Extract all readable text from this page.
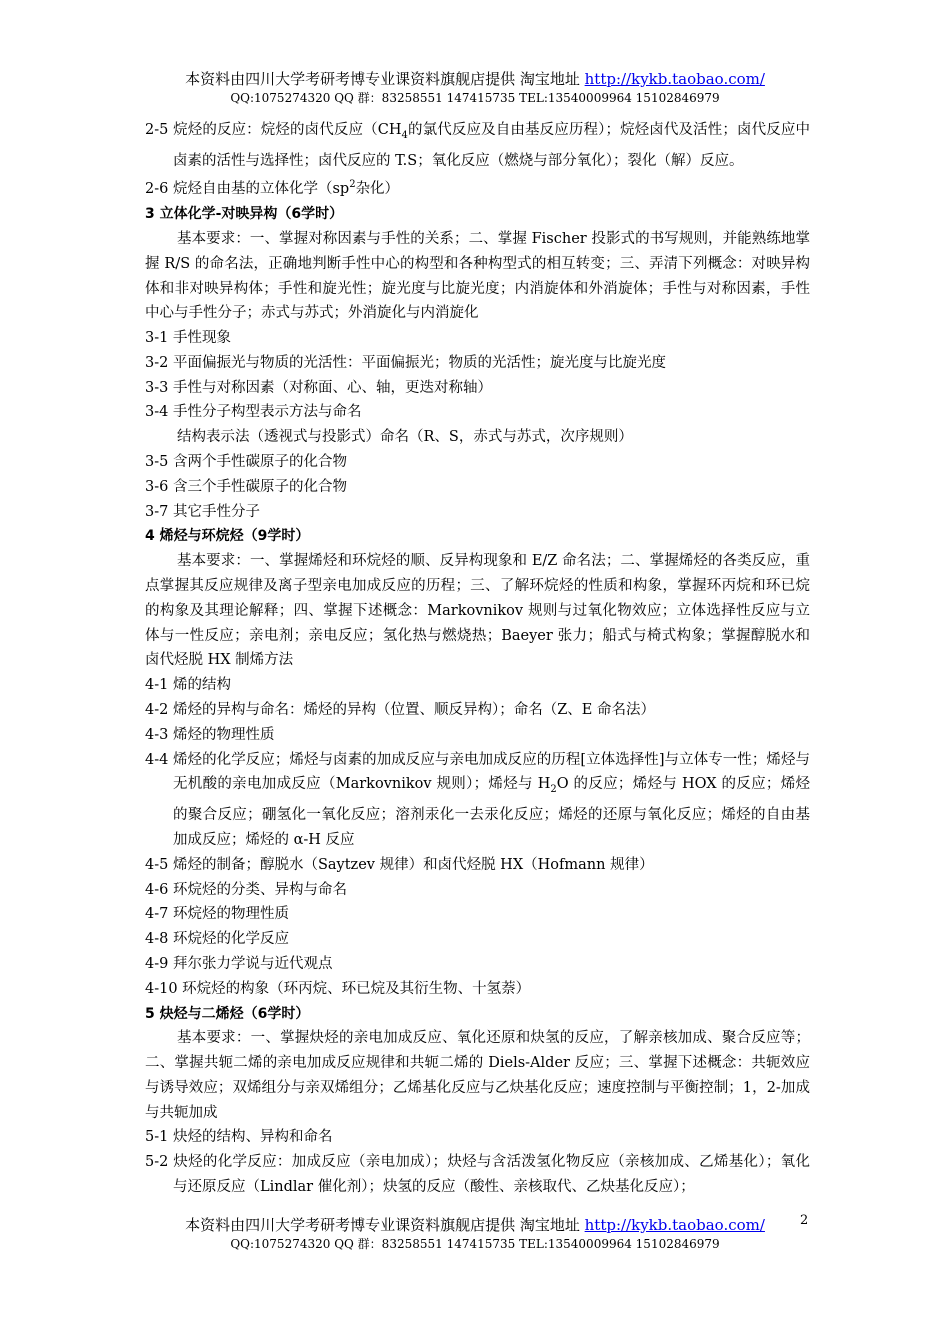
本资料由四川大学考研考博专业课资料旗舰店提供 淘宝地址 http://kykb.taobao.com/
QQ:1075274320 QQ 群：83258551 147415735 TEL:13540009964 15102846979

2-5 烷烃的反应：烷烃的卤代反应（$CH_4$的氯代反应及自由基反应历程）；烷烃卤代及活性；卤代反应中卤素的活性与选择性；卤代反应的 T.S；氧化反应（燃烧与部分氧化）；裂化（解）反应。

2-6 烷烃自由基的立体化学（$sp^2$杂化）

3 立体化学-对映异构（6学时）

基本要求：一、掌握对称因素与手性的关系；二、掌握 Fischer 投影式的书写规则，并能熟练地掌握 R/S 的命名法，正确地判断手性中心的构型和各种构型式的相互转变；三、弄清下列概念：对映异构体和非对映异构体；手性和旋光性；旋光度与比旋光度；内消旋体和外消旋体；手性与对称因素，手性中心与手性分子；赤式与苏式；外消旋化与内消旋化

3-1 手性现象

3-2 平面偏振光与物质的光活性：平面偏振光；物质的光活性；旋光度与比旋光度

3-3 手性与对称因素（对称面、心、轴，更迭对称轴）

3-4 手性分子构型表示方法与命名

结构表示法（透视式与投影式）命名（R、S，赤式与苏式，次序规则）

3-5 含两个手性碳原子的化合物

3-6 含三个手性碳原子的化合物

3-7 其它手性分子

4 烯烃与环烷烃（9学时）

基本要求：一、掌握烯烃和环烷烃的顺、反异构现象和 E/Z 命名法；二、掌握烯烃的各类反应，重点掌握其反应规律及离子型亲电加成反应的历程；三、了解环烷烃的性质和构象，掌握环丙烷和环已烷的构象及其理论解释；四、掌握下述概念：Markovnikov 规则与过氧化物效应；立体选择性反应与立体与一性反应；亲电剂；亲电反应；氢化热与燃烧热；Baeyer 张力；船式与椅式构象；掌握醇脱水和卤代烃脱 HX 制烯方法

4-1 烯的结构

4-2 烯烃的异构与命名：烯烃的异构（位置、顺反异构）；命名（Z、E 命名法）

4-3 烯烃的物理性质

4-4 烯烃的化学反应；烯烃与卤素的加成反应与亲电加成反应的历程[立体选择性]与立体专一性；烯烃与无机酸的亲电加成反应（Markovnikov 规则）；烯烃与 $H_2O$ 的反应；烯烃与 HOX 的反应；烯烃的聚合反应；硼氢化一氧化反应；溶剂汞化一去汞化反应；烯烃的还原与氧化反应；烯烃的自由基加成反应；烯烃的 α-H 反应

4-5 烯烃的制备；醇脱水（Saytzev 规律）和卤代烃脱 HX（Hofmann 规律）

4-6 环烷烃的分类、异构与命名

4-7 环烷烃的物理性质

4-8 环烷烃的化学反应

4-9 拜尔张力学说与近代观点

4-10 环烷烃的构象（环丙烷、环已烷及其衍生物、十氢萘）

5 炔烃与二烯烃（6学时）

基本要求：一、掌握炔烃的亲电加成反应、氧化还原和炔氢的反应，了解亲核加成、聚合反应等；二、掌握共轭二烯的亲电加成反应规律和共轭二烯的 Diels-Alder 反应；三、掌握下述概念：共轭效应与诱导效应；双烯组分与亲双烯组分；乙烯基化反应与乙炔基化反应；速度控制与平衡控制；1，2-加成与共轭加成

5-1 炔烃的结构、异构和命名

5-2 炔烃的化学反应：加成反应（亲电加成）；炔烃与含活泼氢化物反应（亲核加成、乙烯基化）；氧化与还原反应（Lindlar 催化剂）；炔氢的反应（酸性、亲核取代、乙炔基化反应）；

本资料由四川大学考研考博专业课资料旗舰店提供 淘宝地址 http://kykb.taobao.com/	2
QQ:1075274320 QQ 群：83258551 147415735 TEL:13540009964 15102846979
